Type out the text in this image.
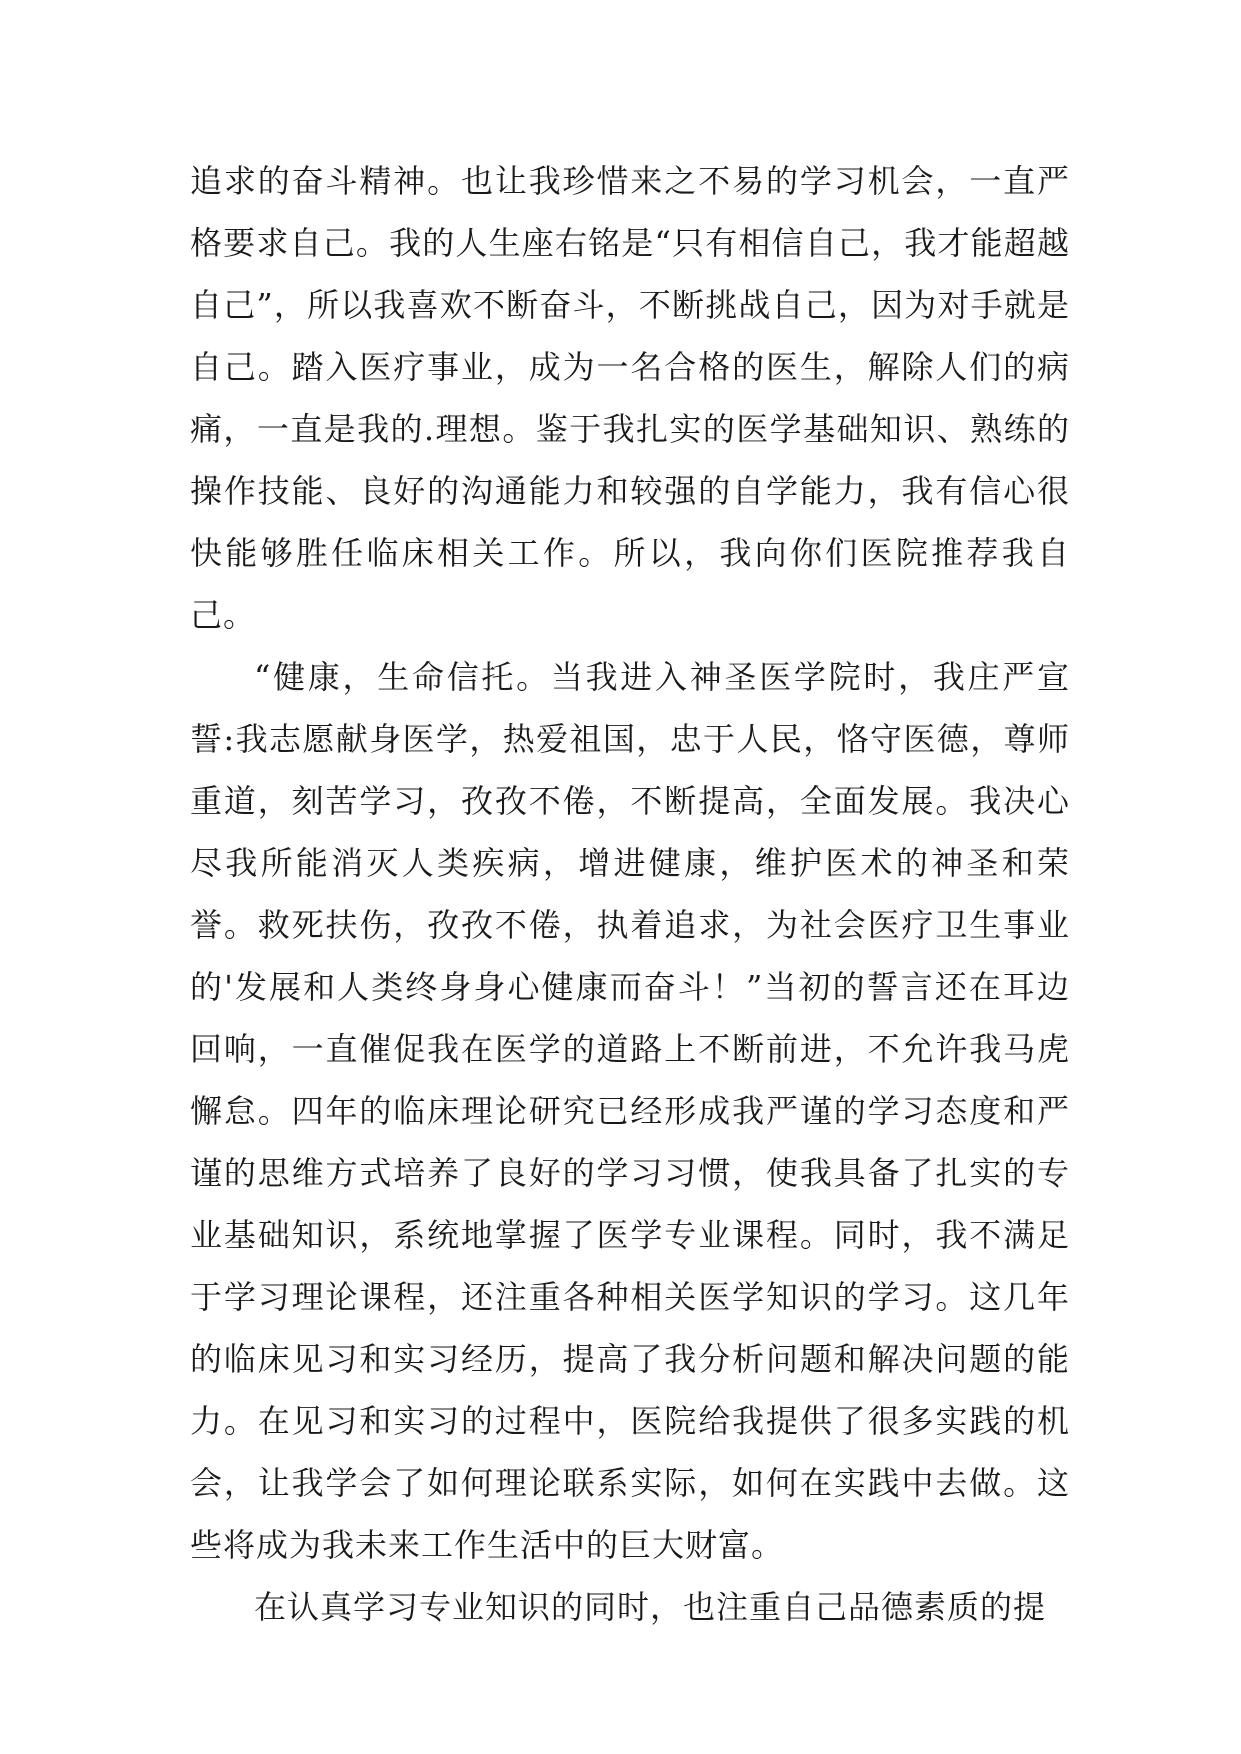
追求的奋斗精神。也让我珍惜来之不易的学习机会，一直严格要求自己。我的人生座右铭是“只有相信自己，我才能超越自己”，所以我喜欢不断奋斗，不断挑战自己，因为对手就是自己。踏入医疗事业，成为一名合格的医生，解除人们的病痛，一直是我的.理想。鉴于我扎实的医学基础知识、熟练的操作技能、良好的沟通能力和较强的自学能力，我有信心很快能够胜任临床相关工作。所以，我向你们医院推荐我自己。

“健康，生命信托。当我进入神圣医学院时，我庄严宣誓:我志愿献身医学，热爱祖国，忠于人民，恪守医德，尊师重道，刻苦学习，孜孜不倦，不断提高，全面发展。我决心尽我所能消灭人类疾病，增进健康，维护医术的神圣和荣誉。救死扶伤，孜孜不倦，执着追求，为社会医疗卫生事业的'发展和人类终身身心健康而奋斗！”当初的誓言还在耳边回响，一直催促我在医学的道路上不断前进，不允许我马虎懈怠。四年的临床理论研究已经形成我严谨的学习态度和严谨的思维方式培养了良好的学习习惯，使我具备了扎实的专业基础知识，系统地掌握了医学专业课程。同时，我不满足于学习理论课程，还注重各种相关医学知识的学习。这几年的临床见习和实习经历，提高了我分析问题和解决问题的能力。在见习和实习的过程中，医院给我提供了很多实践的机会，让我学会了如何理论联系实际，如何在实践中去做。这些将成为我未来工作生活中的巨大财富。

在认真学习专业知识的同时，也注重自己品德素质的提
